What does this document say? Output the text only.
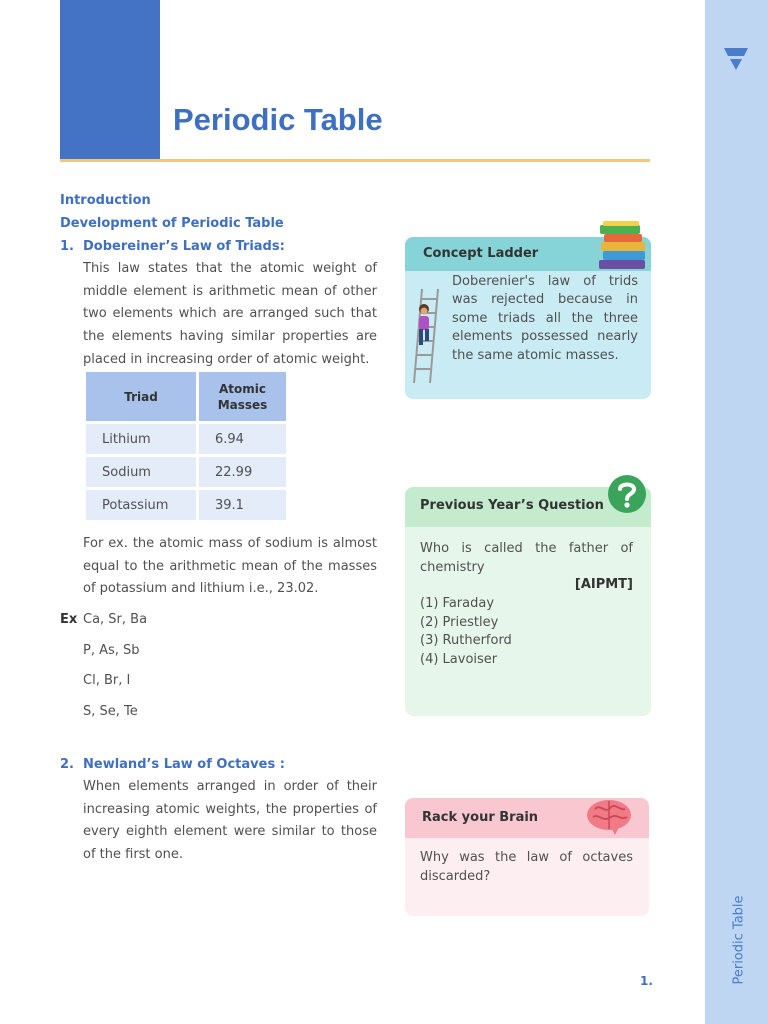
Periodic Table
Periodic Table
1.
Introduction
Development of Periodic Table
1. Dobereiner’s Law of Triads:

This law states that the atomic weight of middle element is arithmetic mean of other two elements which are arranged such that the elements having similar properties are placed in increasing order of atomic weight.

Triad	Atomic Masses
Lithium	6.94
Sodium	22.99
Potassium	39.1

For ex. the atomic mass of sodium is almost equal to the arithmetic mean of the masses of potassium and lithium i.e., 23.02.

Ex Ca, Sr, Ba
P, As, Sb
Cl, Br, I
S, Se, Te
2. Newland’s Law of Octaves :

When elements arranged in order of their increasing atomic weights, the properties of every eighth element were similar to those of the first one.

Concept Ladder

Doberenier's law of trids was rejected because in some triads all the three elements possessed nearly the same atomic masses.

Previous Year’s Question

Who is called the father of chemistry

[AIPMT]
(1) Faraday
(2) Priestley
(3) Rutherford
(4) Lavoiser
Rack your Brain

Why was the law of octaves discarded?
